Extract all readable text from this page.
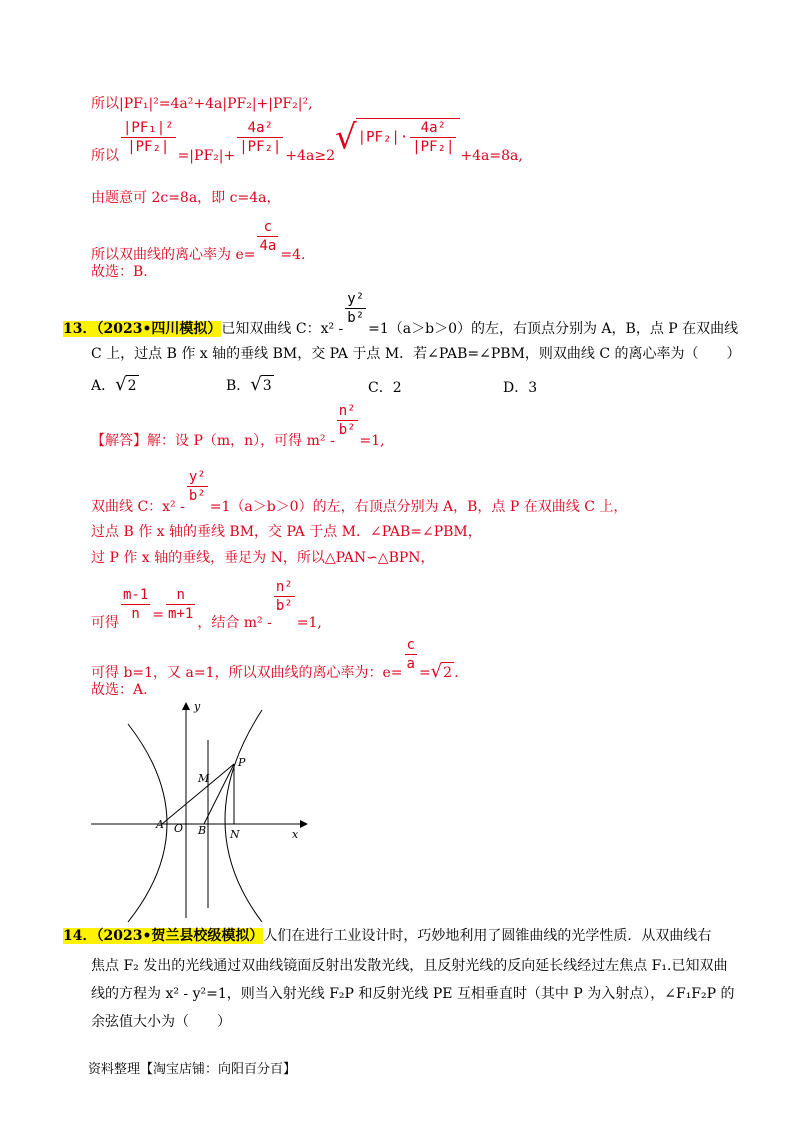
所以|PF₁|²=4a²+4a|PF₂|+|PF₂|²,
所以 $\frac{\text{|PF₁|²}}{\text{|PF₂|}} =|PF_2|+ \frac{\text{4a²}}{\text{|PF₂|}} +4a\ge 2√|PF_2|\cdot \frac{\text{4a²}}{\text{|PF₂|}} +4a=8a$,
由题意可 2c=8a，即 c=4a，
所以双曲线的离心率为 $e= \frac{c}{4a} =4$.
故选：B.
13．（2023•四川模拟）已知双曲线 C：x² -
$\frac{\text{y²}}{\text{b²}}$
=1（a＞b＞0）的左，右顶点分别为 A，B，点 P 在双曲线
C 上，过点 B 作 x 轴的垂线 BM，交 PA 于点 M．若∠PAB=∠PBM，则双曲线 C 的离心率为（　　）
A．√2	B．√3	C．2	D．3
【解答】解：设 P（m，n），可得 m² -
$\frac{\text{n²}}{\text{b²}}$
=1,
双曲线 C：x² -
$\frac{\text{y²}}{\text{b²}}$
=1（a＞b＞0）的左，右顶点分别为 A，B，点 P 在双曲线 C 上，
过点 B 作 x 轴的垂线 BM，交 PA 于点 M．∠PAB=∠PBM，
过 P 作 x 轴的垂线，垂足为 N，所以△PAN∽△BPN，
可得 $\frac{m-1}{n} = \frac{n}{m+1}$ ，结合 m² -
$\frac{\text{n²}}{\text{b²}}$
=1,
可得 b=1，又 a=1，所以双曲线的离心率为：$e= \frac{c}{a} =√2$ .
故选：A.
y
x
O
A	B N
M
P
14．（2023•贺兰县校级模拟）人们在进行工业设计时，巧妙地利用了圆锥曲线的光学性质．从双曲线右
焦点 F₂ 发出的光线通过双曲线镜面反射出发散光线，且反射光线的反向延长线经过左焦点 F₁.已知双曲
线的方程为 x² - y²=1，则当入射光线 F₂P 和反射光线 PE 互相垂直时（其中 P 为入射点），∠F₁F₂P 的
余弦值大小为（　　）
资料整理【淘宝店铺：向阳百分百】
